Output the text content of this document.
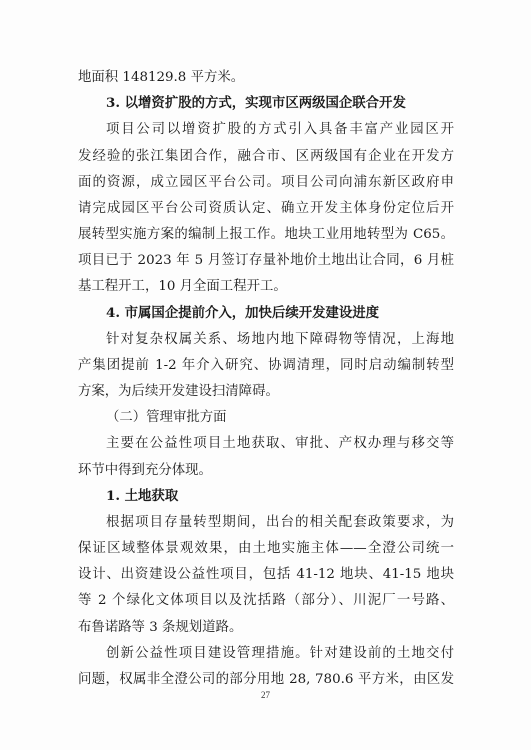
地面积 148129.8 平方米。
3. 以增资扩股的方式，实现市区两级国企联合开发
项目公司以增资扩股的方式引入具备丰富产业园区开
发经验的张江集团合作，融合市、区两级国有企业在开发方
面的资源，成立园区平台公司。项目公司向浦东新区政府申
请完成园区平台公司资质认定、确立开发主体身份定位后开
展转型实施方案的编制上报工作。地块工业用地转型为 C65。
项目已于 2023 年 5 月签订存量补地价土地出让合同，6 月桩
基工程开工，10 月全面工程开工。
4. 市属国企提前介入，加快后续开发建设进度
针对复杂权属关系、场地内地下障碍物等情况，上海地
产集团提前 1-2 年介入研究、协调清理，同时启动编制转型
方案，为后续开发建设扫清障碍。
（二）管理审批方面
主要在公益性项目土地获取、审批、产权办理与移交等
环节中得到充分体现。
1. 土地获取
根据项目存量转型期间，出台的相关配套政策要求，为
保证区域整体景观效果，由土地实施主体——全澄公司统一
设计、出资建设公益性项目，包括 41-12 地块、41-15 地块
等 2 个绿化文体项目以及沈括路（部分）、川泥厂一号路、
布鲁诺路等 3 条规划道路。
创新公益性项目建设管理措施。针对建设前的土地交付
问题，权属非全澄公司的部分用地 28, 780.6 平方米，由区发
27
